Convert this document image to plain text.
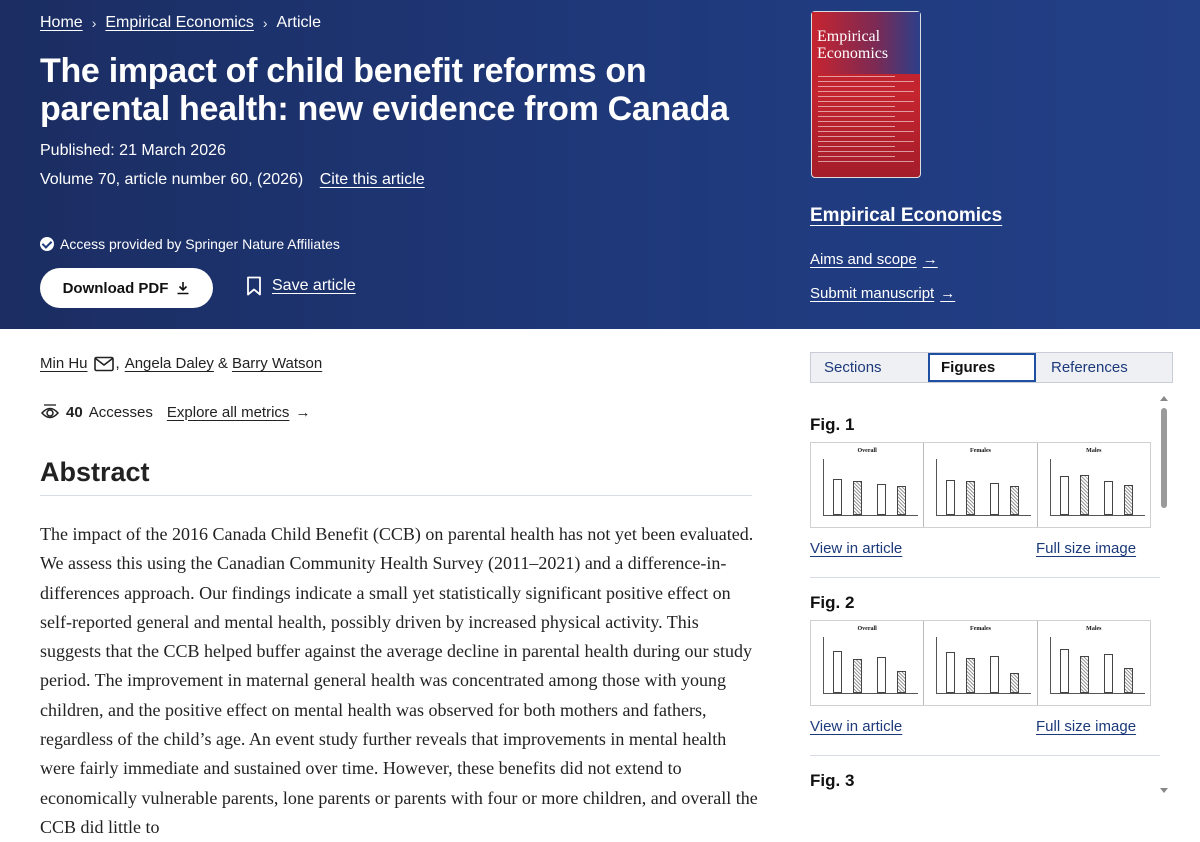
Home › Empirical Economics › Article
The impact of child benefit reforms on parental health: new evidence from Canada
Published: 21 March 2026
Volume 70, article number 60, (2026) Cite this article
Access provided by Springer Nature Affiliates
Download PDF	Save article
Empirical
Economics
Empirical Economics
Aims and scope →
Submit manuscript →
Min Hu , Angela Daley & Barry Watson
40 Accesses Explore all metrics →
Abstract

The impact of the 2016 Canada Child Benefit (CCB) on parental health has not yet been evaluated. We assess this using the Canadian Community Health Survey (2011–2021) and a difference-in-differences approach. Our findings indicate a small yet statistically significant positive effect on self-reported general and mental health, possibly driven by increased physical activity. This suggests that the CCB helped buffer against the average decline in parental health during our study period. The improvement in maternal general health was concentrated among those with young children, and the positive effect on mental health was observed for both mothers and fathers, regardless of the child’s age. An event study further reveals that improvements in mental health were fairly immediate and sustained over time. However, these benefits did not extend to economically vulnerable parents, lone parents or parents with four or more children, and overall the CCB did little to

Sections	Figures	References
Fig. 1
Overall	Females	Males
View in article	Full size image
Fig. 2
Overall	Females	Males
View in article	Full size image
Fig. 3
